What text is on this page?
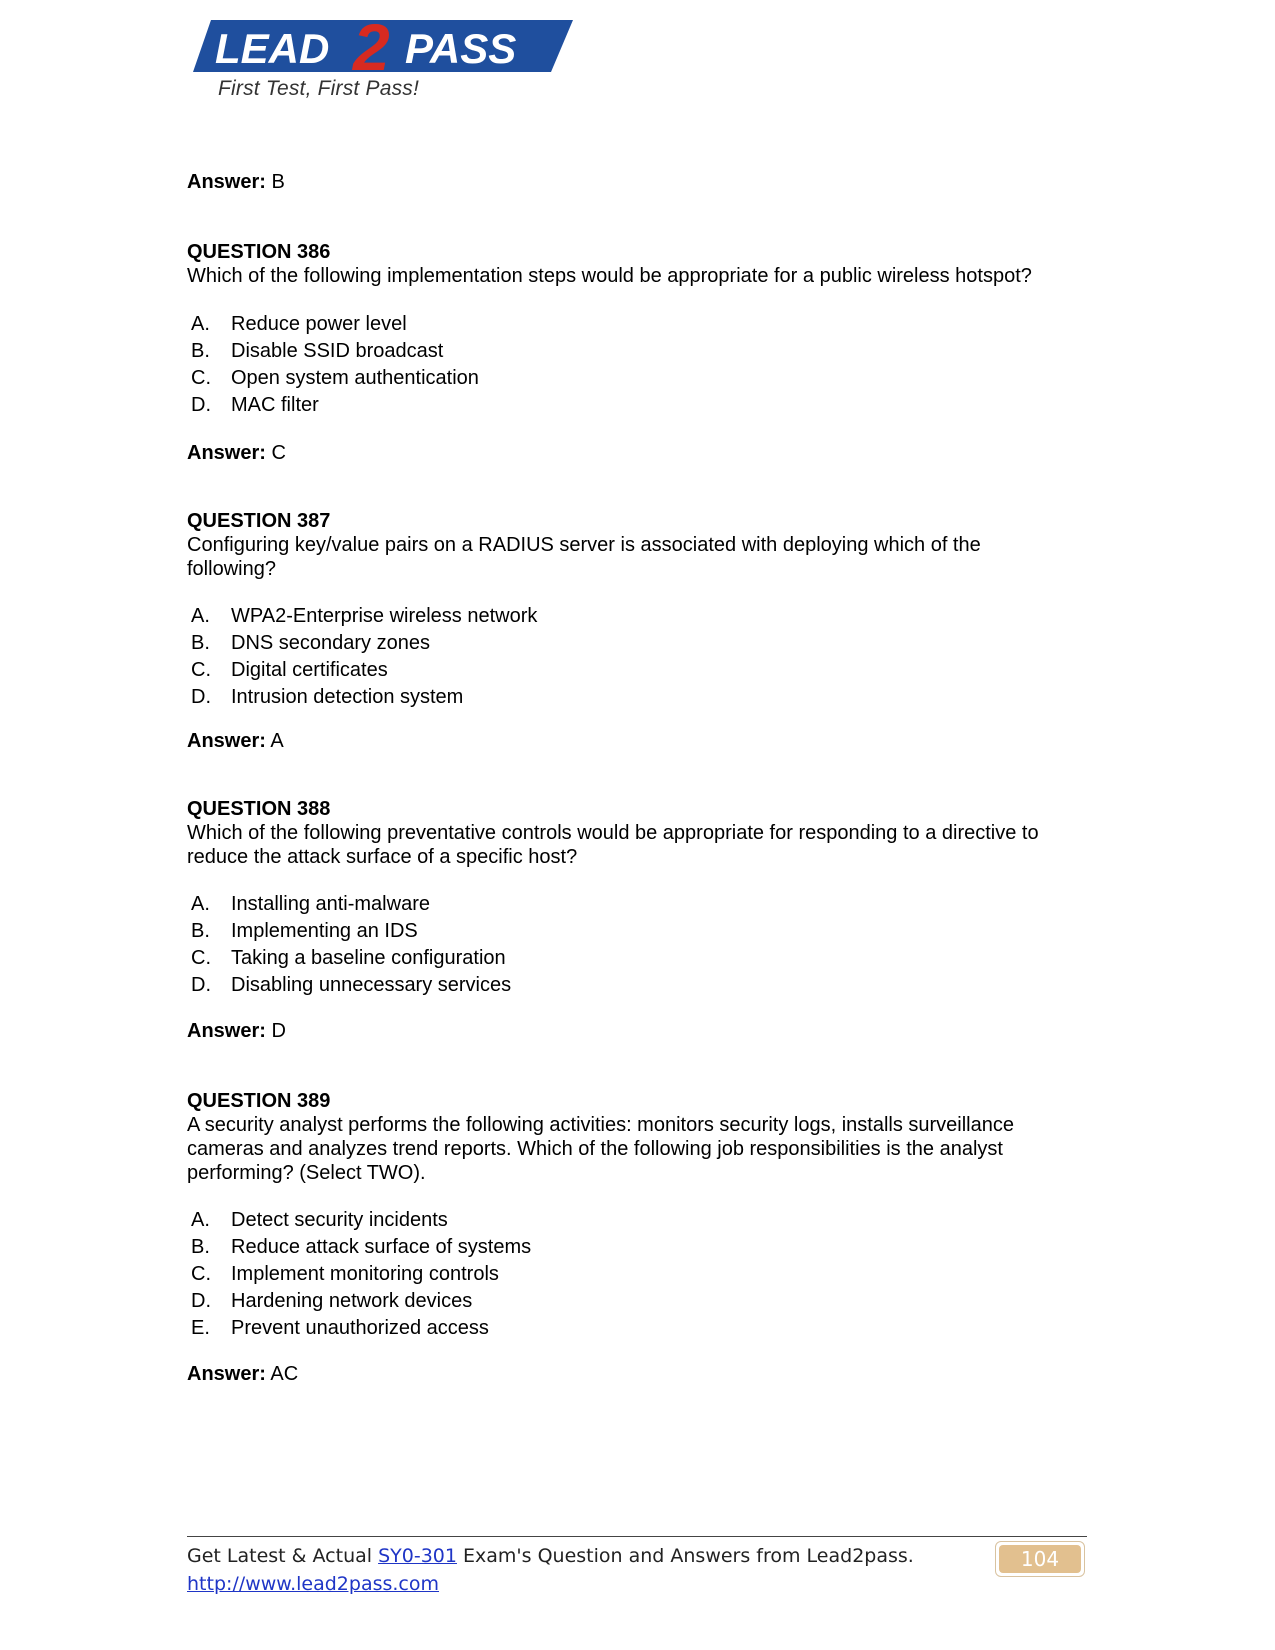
LEAD 2 PASS
First Test, First Pass!

Answer: B

QUESTION 386

Which of the following implementation steps would be appropriate for a public wireless hotspot?

A.	Reduce power level
B.	Disable SSID broadcast
C.	Open system authentication
D.	MAC filter

Answer: C

QUESTION 387

Configuring key/value pairs on a RADIUS server is associated with deploying which of the following?

A.	WPA2-Enterprise wireless network
B.	DNS secondary zones
C.	Digital certificates
D.	Intrusion detection system

Answer: A

QUESTION 388

Which of the following preventative controls would be appropriate for responding to a directive to reduce the attack surface of a specific host?

A.	Installing anti-malware
B.	Implementing an IDS
C.	Taking a baseline configuration
D.	Disabling unnecessary services

Answer: D

QUESTION 389

A security analyst performs the following activities: monitors security logs, installs surveillance cameras and analyzes trend reports. Which of the following job responsibilities is the analyst performing? (Select TWO).

A.	Detect security incidents
B.	Reduce attack surface of systems
C.	Implement monitoring controls
D.	Hardening network devices
E.	Prevent unauthorized access

Answer: AC

Get Latest & Actual SY0-301 Exam's Question and Answers from Lead2pass.
http://www.lead2pass.com
104
